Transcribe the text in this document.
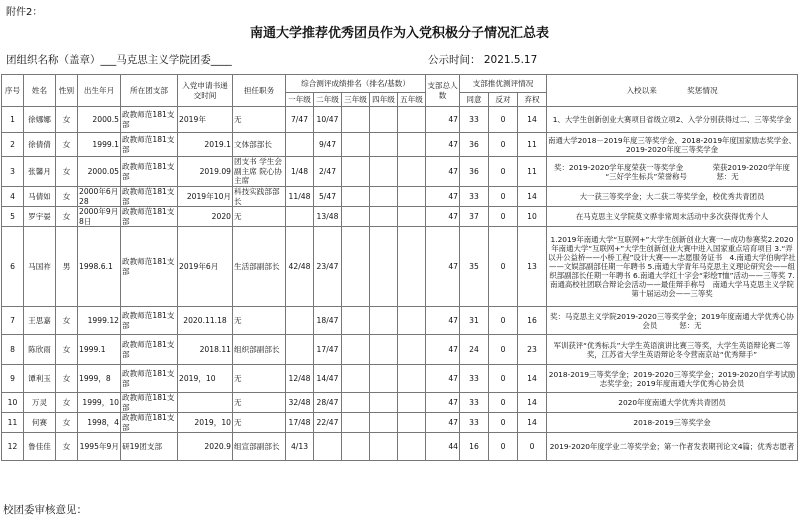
附件2：
南通大学推荐优秀团员作为入党积极分子情况汇总表
团组织名称（盖章）___马克思主义学院团委____	公示时间： 2021.5.17
序号	姓名	性别	出生年月	所在团支部	入党申请书递交时间	担任职务	综合测评成绩排名（排名/基数）					支部总人数	支部推优测评情况			入校以来　　　　奖惩情况
							一年级	二年级	三年级	四年级	五年级		同意	反对	弃权	
1	徐娜娜	女	2000.5	政教师范181支部	2019年	无	7/47	10/47				47	33	0	14	1、大学生创新创业大赛项目省级立项2、入学分别获得过二、三等奖学金
2	徐倩倩	女	1999.1	政教师范181支部	2019.1	文体部部长		9/47				47	36	0	11	南通大学2018－2019年度三等奖学金、2018-2019年度国家励志奖学金、2019-2020年度三等奖学金
3	张馨月	女	2000.05	政教师范181支部	2019.09	团支书 学生会副主席 院心协主席	1/48	2/47				47	36	0	11	奖：2019-2020学年度荣获一等奖学金　　　　荣获2019-2020学年度 “三好学生标兵”荣誉称号　　　　惩：无
4	马倩如	女	2000年6月28	政教师范181支部	2019年10月	科技实践部部长	11/48	5/47				47	33	0	14	大一获三等奖学金；大二获二等奖学金，校优秀共青团员
5	罗宇晏	女	2000年9月8日	政教师范181支部	2020	无		13/48				47	37	0	10	在马克思主义学院莫文骅非常周末活动中多次获得优秀个人
6	马国祚	男	1998.6.1	政教师范181支部	2019年6月	生活部副部长	42/48	23/47				47	35	0	13	1.2019年南通大学“互联网+”大学生创新创业大赛一—成功参赛奖2.2020年南通大学“互联网+”大学生创新创业大赛中进入国家重点培育项目 3.“弄以升公益桥——小桥工程”设计大赛——志愿服务证书　4.南通大学伯驹学社——文娱部副部任期一年聘书 5.南通大学青年马克思主义理论研究会——组织部副部长任期一年聘书 6.南通大学红十字会“彩绘T恤”活动——三等奖 7.南通高校社团联合辩论会活动——最佳辩手称号　南通大学马克思主义学院第十届运动会——三等奖
7	王思嘉	女	1999.12	政教师范181支部	2020.11.18	无		18/47				47	31	0	16	奖：马克思主义学院2019-2020三等奖学金；2019年度南通大学优秀心协会员　　　惩：无
8	陈欣雨	女	1999.1	政教师范181支部	2018.11	组织部副部长		17/47				47	24	0	23	军训获评“优秀标兵”大学生英语演讲比赛三等奖，大学生英语辩论赛二等奖，江苏省大学生英语辩论冬令营南京站“优秀辩手”
9	谭利玉	女	1999，8	政教师范181支部	2019，10	无	12/48	14/47				47	33	0	14	2018-2019三等奖学金；2019-2020三等奖学金；2019-2020自学考试励志奖学金；2019年度南通大学优秀心协会员
10	万灵	女	1999，10	政教师范181支部		无	32/48	28/47				47	33	0	14	2020年度南通大学优秀共青团员
11	何赛	女	1998，4	政教师范181支部	2019，10	无	17/48	22/47				47	33	0	14	2018-2019三等奖学金
12	鲁佳佳	女	1995年9月	研19团支部	2020.9	组宣部副部长	4/13					44	16	0	0	2019-2020年度学业二等奖学金；第一作者发表期刊论文4篇；优秀志愿者
校团委审核意见：
